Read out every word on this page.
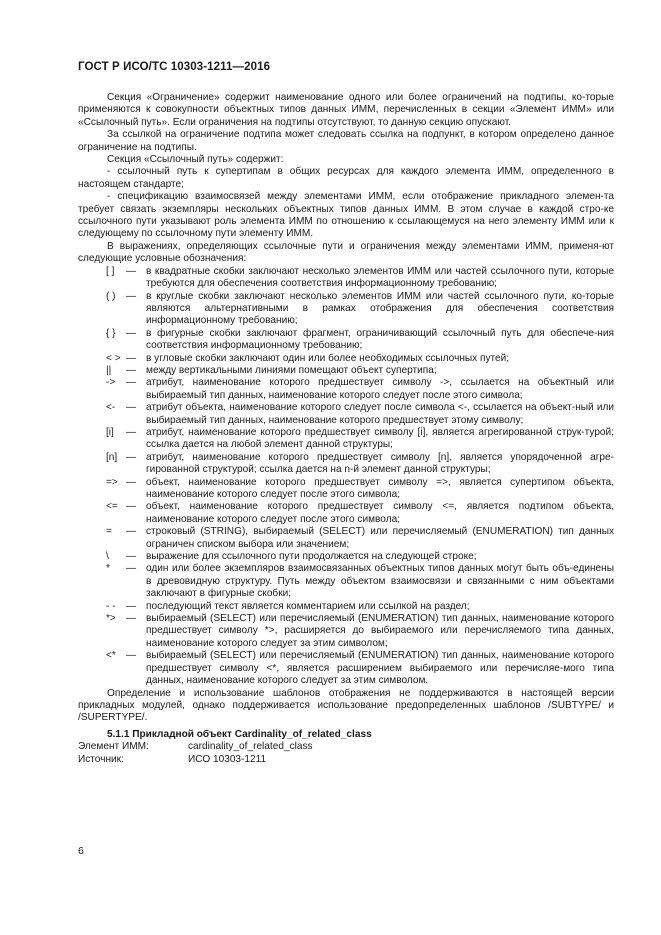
ГОСТ Р ИСО/ТС 10303-1211—2016

Секция «Ограничение» содержит наименование одного или более ограничений на подтипы, ко-торые применяются к совокупности объектных типов данных ИММ, перечисленных в секции «Элемент ИММ» или «Ссылочный путь». Если ограничения на подтипы отсутствуют, то данную секцию опускают.

За ссылкой на ограничение подтипа может следовать ссылка на подпункт, в котором определено данное ограничение на подтипы.

Секция «Ссылочный путь» содержит:

- ссылочный путь к супертипам в общих ресурсах для каждого элемента ИММ, определенного в настоящем стандарте;

- спецификацию взаимосвязей между элементами ИММ, если отображение прикладного элемен-та требует связать экземпляры нескольких объектных типов данных ИММ. В этом случае в каждой стро-ке ссылочного пути указывают роль элемента ИММ по отношению к ссылающемуся на него элементу ИММ или к следующему по ссылочному пути элементу ИММ.

В выражениях, определяющих ссылочные пути и ограничения между элементами ИММ, применя-ют следующие условные обозначения:

[ ]	— в квадратные скобки заключают несколько элементов ИММ или частей ссылочного пути, которые требуются для обеспечения соответствия информационному требованию;
( )	— в круглые скобки заключают несколько элементов ИММ или частей ссылочного пути, ко-торые являются альтернативными в рамках отображения для обеспечения соответствия информационному требованию;
{ }	— в фигурные скобки заключают фрагмент, ограничивающий ссылочный путь для обеспече-ния соответствия информационному требованию;
< > — в угловые скобки заключают один или более необходимых ссылочных путей;
||	— между вертикальными линиями помещают объект супертипа;
->	— атрибут, наименование которого предшествует символу ->, ссылается на объектный или выбираемый тип данных, наименование которого следует после этого символа;
<-	— атрибут объекта, наименование которого следует после символа <-, ссылается на объект-ный или выбираемый тип данных, наименование которого предшествует этому символу;
[i]	— атрибут, наименование которого предшествует символу [i], является агрегированной струк-турой; ссылка дается на любой элемент данной структуры;
[n] — атрибут, наименование которого предшествует символу [n], является упорядоченной агре-гированной структурой; ссылка дается на n-й элемент данной структуры;
=> — объект, наименование которого предшествует символу =>, является супертипом объекта, наименование которого следует после этого символа;
<= — объект, наименование которого предшествует символу <=, является подтипом объекта, наименование которого следует после этого символа;
=	— строковый (STRING), выбираемый (SELECT) или перечисляемый (ENUMERATION) тип данных ограничен списком выбора или значением;
\	— выражение для ссылочного пути продолжается на следующей строке;
*	— один или более экземпляров взаимосвязанных объектных типов данных могут быть объ-единены в древовидную структуру. Путь между объектом взаимосвязи и связанными с ним объектами заключают в фигурные скобки;
- -	— последующий текст является комментарием или ссылкой на раздел;
*>	— выбираемый (SELECT) или перечисляемый (ENUMERATION) тип данных, наименование которого предшествует символу *>, расширяется до выбираемого или перечисляемого типа данных, наименование которого следует за этим символом;
<*	— выбираемый (SELECT) или перечисляемый (ENUMERATION) тип данных, наименование которого предшествует символу <*, является расширением выбираемого или перечисляе-мого типа данных, наименование которого следует за этим символом.

Определение и использование шаблонов отображения не поддерживаются в настоящей версии прикладных модулей, однако поддерживается использование предопределенных шаблонов /SUBTYPE/ и /SUPERTYPE/.

5.1.1 Прикладной объект Cardinality_of_related_class
Элемент ИММ:	cardinality_of_related_class
Источник:	ИСО 10303-1211
6
